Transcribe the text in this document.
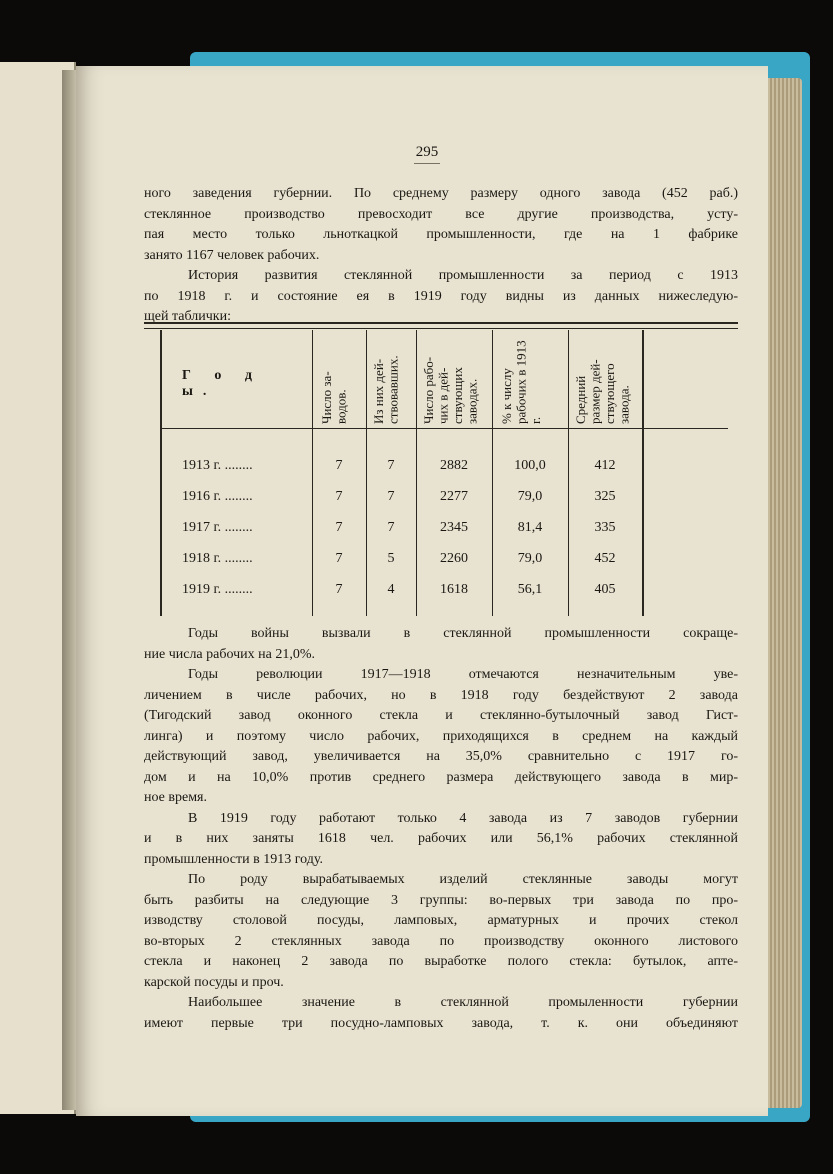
295

ного заведения губернии. По среднему размеру одного завода (452 раб.)

стеклянное производство превосходит все другие производства, усту-

пая место только льноткацкой промышленности, где на 1 фабрике

занято 1167 человек рабочих.

История развития стеклянной промышленности за период с 1913

по 1918 г. и состояние ея в 1919 году видны из данных нижеследую-

щей таблички:

Г о д ы.	Число за-водов.	Из них дей-ствовавших.	Число рабо-чих в дей-ствующих заводах.	% к числу рабочих в 1913 г.	Средний размер дей-ствующего завода.
1913 г. ........	7	7	2882	100,0	412
1916 г. ........	7	7	2277	79,0	325
1917 г. ........	7	7	2345	81,4	335
1918 г. ........	7	5	2260	79,0	452
1919 г. ........	7	4	1618	56,1	405

Годы войны вызвали в стеклянной промышленности сокраще-

ние числа рабочих на 21,0%.

Годы революции 1917—1918 отмечаются незначительным уве-

личением в числе рабочих, но в 1918 году бездействуют 2 завода

(Тигодский завод оконного стекла и стеклянно-бутылочный завод Гист-

линга) и поэтому число рабочих, приходящихся в среднем на каждый

действующий завод, увеличивается на 35,0% сравнительно с 1917 го-

дом и на 10,0% против среднего размера действующего завода в мир-

ное время.

В 1919 году работают только 4 завода из 7 заводов губернии

и в них заняты 1618 чел. рабочих или 56,1% рабочих стеклянной

промышленности в 1913 году.

По роду вырабатываемых изделий стеклянные заводы могут

быть разбиты на следующие 3 группы: во-первых три завода по про-

изводству столовой посуды, ламповых, арматурных и прочих стекол

во-вторых 2 стеклянных завода по производству оконного листового

стекла и наконец 2 завода по выработке полого стекла: бутылок, апте-

карской посуды и проч.

Наибольшее значение в стеклянной промыленности губернии

имеют первые три посудно-ламповых завода, т. к. они объединяют
